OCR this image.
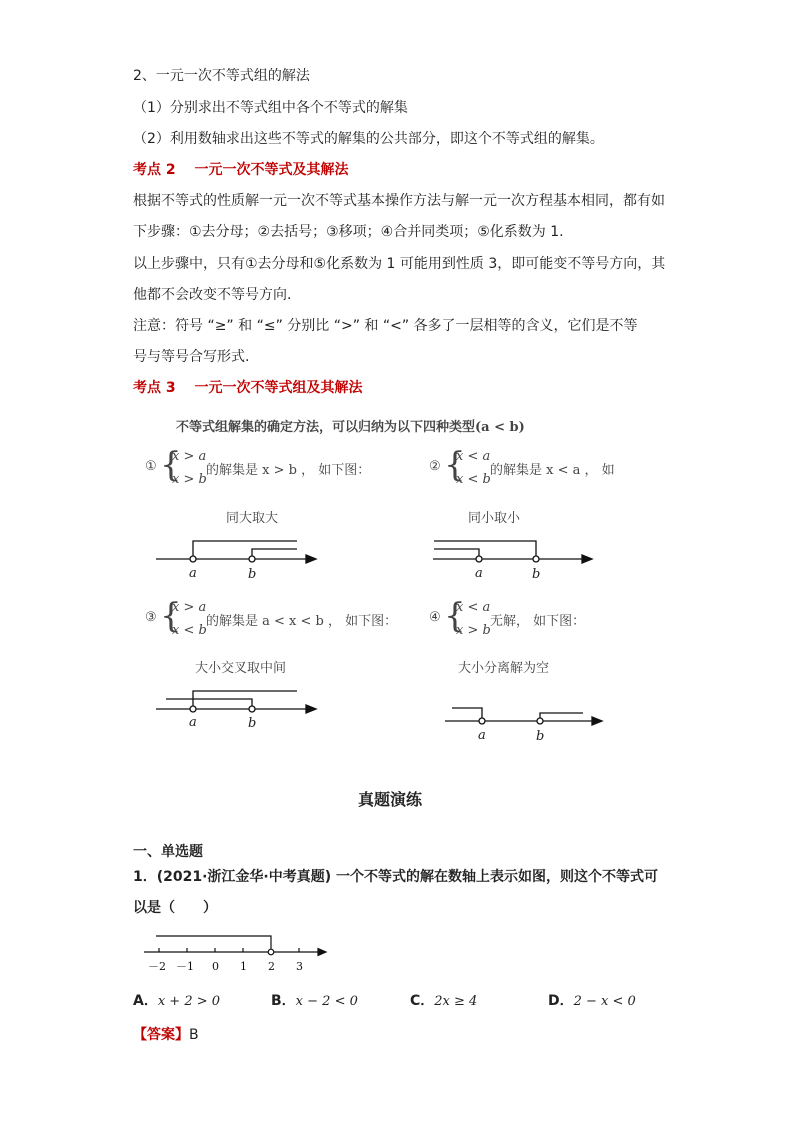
2、一元一次不等式组的解法
（1）分别求出不等式组中各个不等式的解集
（2）利用数轴求出这些不等式的解集的公共部分，即这个不等式组的解集。
考点 2　 一元一次不等式及其解法
根据不等式的性质解一元一次不等式基本操作方法与解一元一次方程基本相同，都有如
下步骤：①去分母；②去括号；③移项；④合并同类项；⑤化系数为 1.
以上步骤中，只有①去分母和⑤化系数为 1 可能用到性质 3，即可能变不等号方向，其
他都不会改变不等号方向.
注意：符号 “≥” 和 “≤” 分别比 “>” 和 “<” 各多了一层相等的含义，它们是不等
号与等号合写形式.
考点 3　 一元一次不等式组及其解法
不等式组解集的确定方法，可以归纳为以下四种类型(a < b)
① {
x > a
x > b
的解集是 x > b ， 如下图：
同大取大
② {
x < a
x < b
的解集是 x < a ， 如
同小取小
③ {
x > a
x < b
的解集是 a < x < b ， 如下图：
大小交叉取中间
④ {
x < a
x > b
无解， 如下图：
大小分离解为空
a	b	a	b
a	b
a	b
真题演练
一、单选题
1．(2021·浙江金华·中考真题) 一个不等式的解在数轴上表示如图，则这个不等式可
以是（　　）
－2 －1 0 1 2 3
A．x + 2 > 0	B．x − 2 < 0	C．2x ≥ 4	D．2 − x < 0
【答案】B
